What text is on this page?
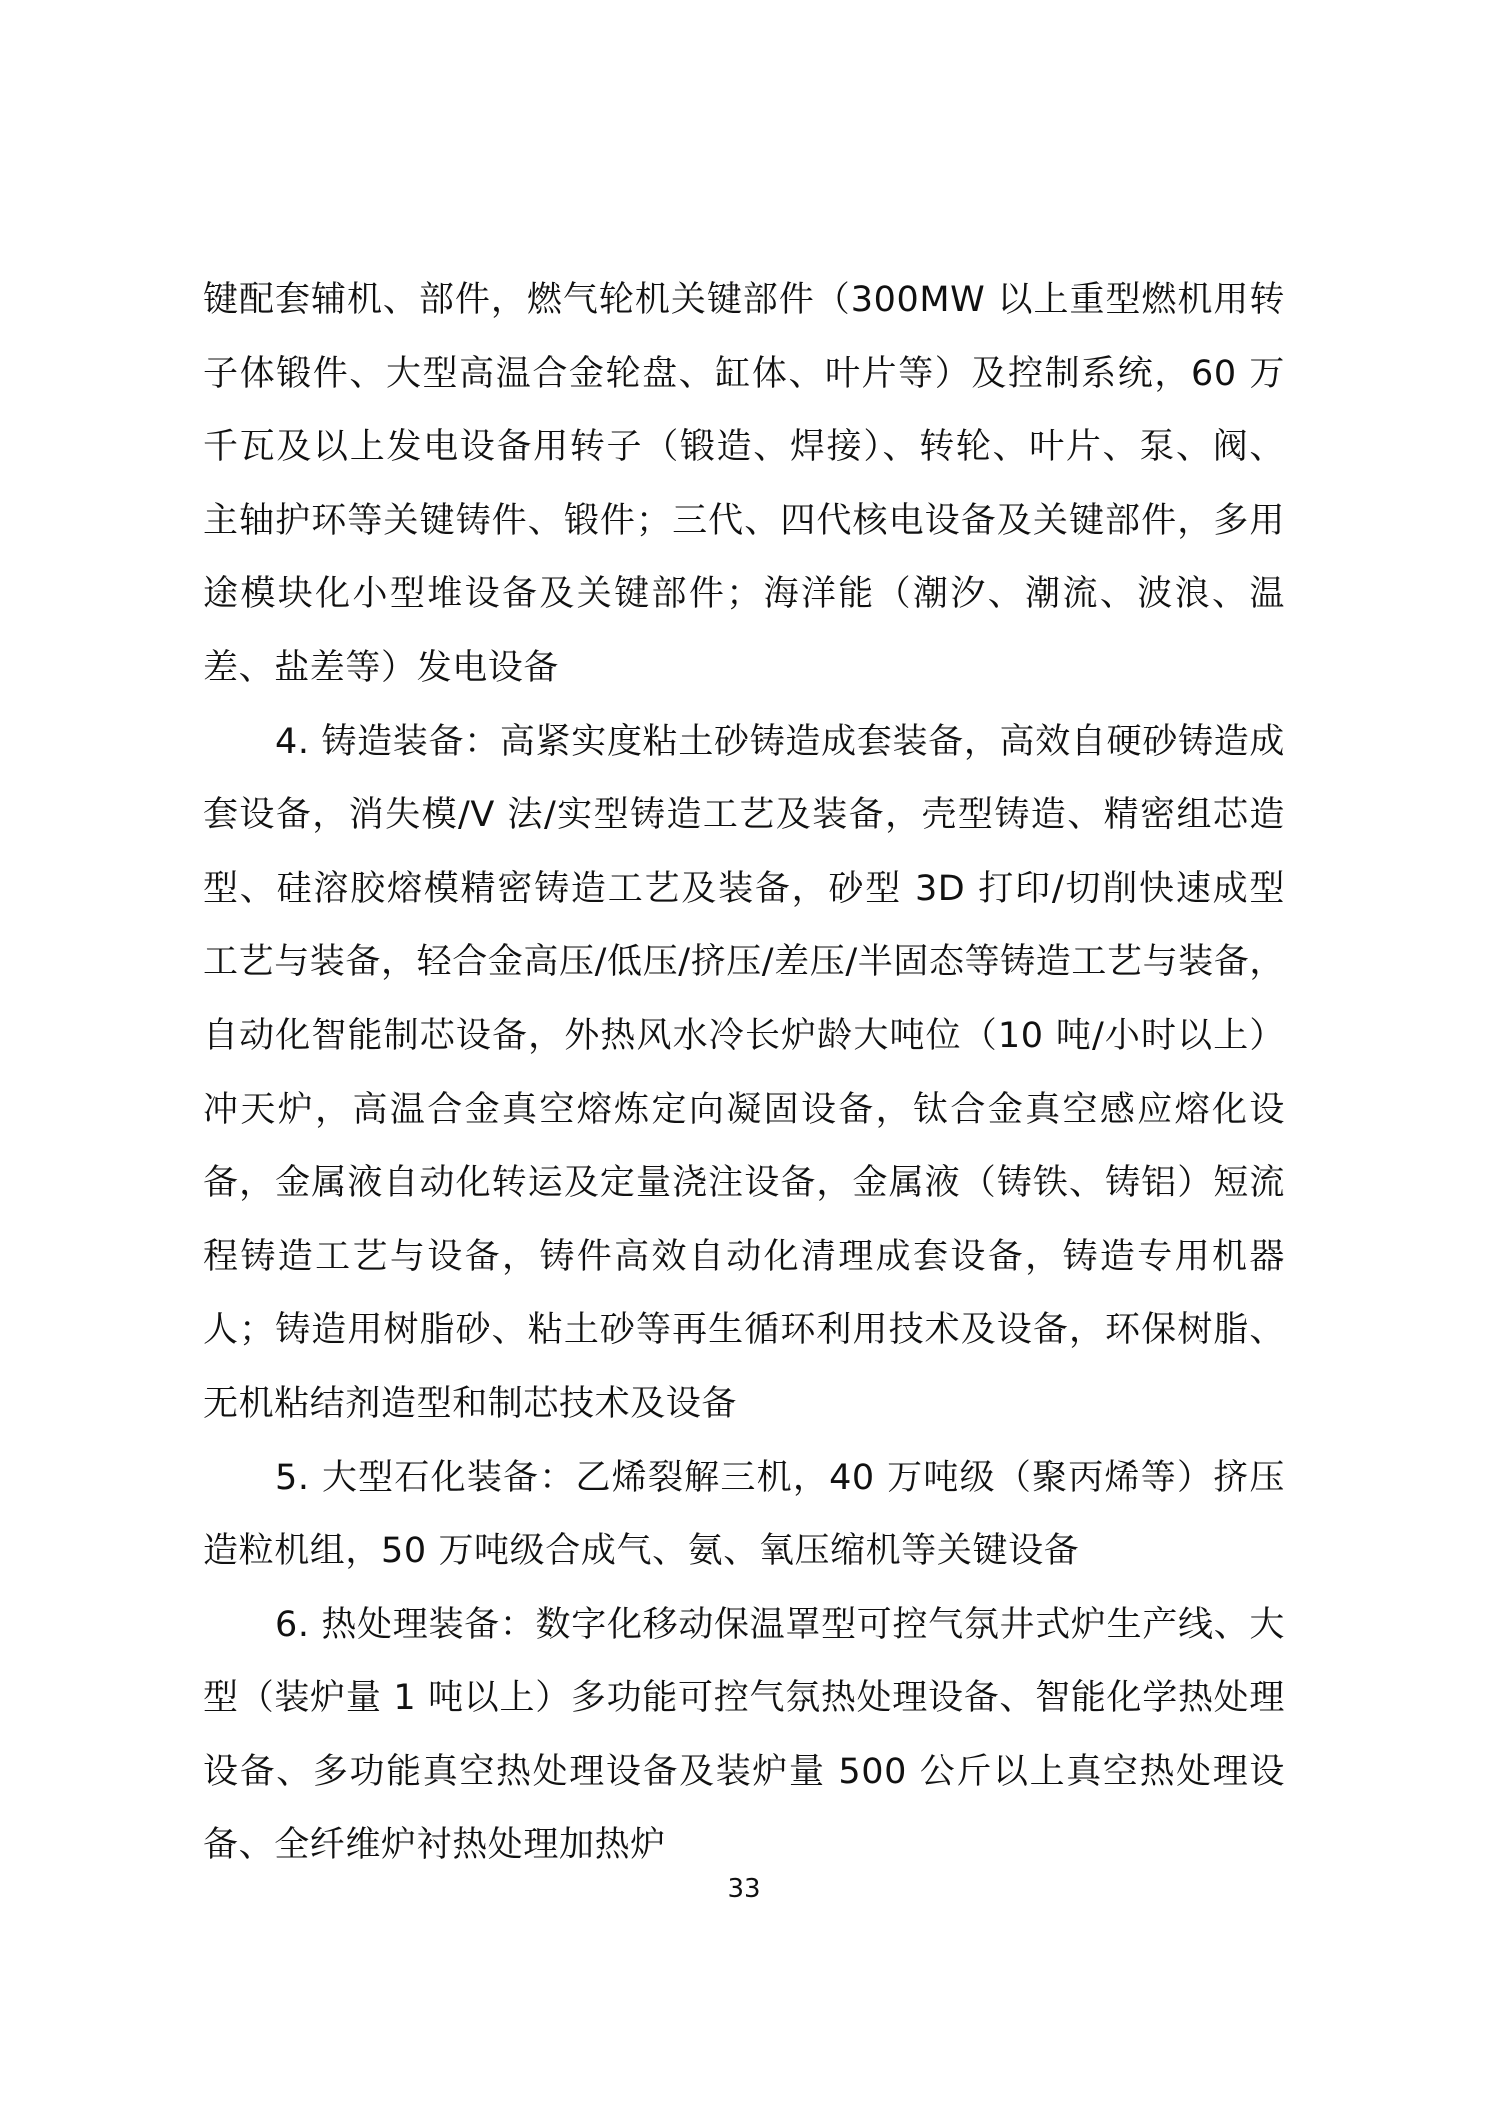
键配套辅机、部件，燃气轮机关键部件（300MW 以上重型燃机用转子体锻件、大型高温合金轮盘、缸体、叶片等）及控制系统，60 万千瓦及以上发电设备用转子（锻造、焊接）、转轮、叶片、泵、阀、主轴护环等关键铸件、锻件；三代、四代核电设备及关键部件，多用途模块化小型堆设备及关键部件；海洋能（潮汐、潮流、波浪、温差、盐差等）发电设备

4. 铸造装备：高紧实度粘土砂铸造成套装备，高效自硬砂铸造成套设备，消失模/V 法/实型铸造工艺及装备，壳型铸造、精密组芯造型、硅溶胶熔模精密铸造工艺及装备，砂型 3D 打印/切削快速成型工艺与装备，轻合金高压/低压/挤压/差压/半固态等铸造工艺与装备，自动化智能制芯设备，外热风水冷长炉龄大吨位（10 吨/小时以上）冲天炉，高温合金真空熔炼定向凝固设备，钛合金真空感应熔化设备，金属液自动化转运及定量浇注设备，金属液（铸铁、铸铝）短流程铸造工艺与设备，铸件高效自动化清理成套设备，铸造专用机器人；铸造用树脂砂、粘土砂等再生循环利用技术及设备，环保树脂、无机粘结剂造型和制芯技术及设备

5. 大型石化装备：乙烯裂解三机，40 万吨级（聚丙烯等）挤压造粒机组，50 万吨级合成气、氨、氧压缩机等关键设备

6. 热处理装备：数字化移动保温罩型可控气氛井式炉生产线、大型（装炉量 1 吨以上）多功能可控气氛热处理设备、智能化学热处理设备、多功能真空热处理设备及装炉量 500 公斤以上真空热处理设备、全纤维炉衬热处理加热炉

33
